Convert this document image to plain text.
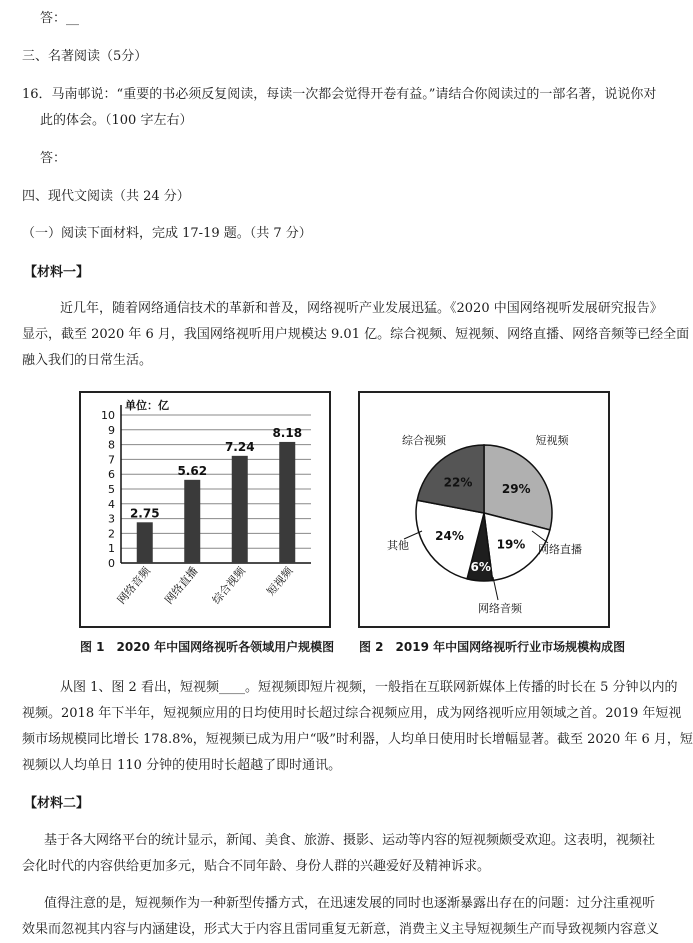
答：__
三、名著阅读（5分）
16．马南邨说：“重要的书必须反复阅读，每读一次都会觉得开卷有益。”请结合你阅读过的一部名著，说说你对
此的体会。（100 字左右）
答：
四、现代文阅读（共 24 分）
（一）阅读下面材料，完成 17-19 题。（共 7 分）
【材料一】
近几年，随着网络通信技术的革新和普及，网络视听产业发展迅猛。《2020 中国网络视听发展研究报告》
显示，截至 2020 年 6 月，我国网络视听用户规模达 9.01 亿。综合视频、短视频、网络直播、网络音频等已经全面
融入我们的日常生活。
0
1
2
3
4
5
6
7
8
9
10
单位：亿
2.75
网络音频
5.62
网络直播
7.24
综合视频
8.18
短视频
29%
短视频
19% 网络直播
6%
网络音频
24%
其他
22%
综合视频
图 1　2020 年中国网络视听各领域用户规模图 图 2　2019 年中国网络视听行业市场规模构成图
从图 1、图 2 看出，短视频____。短视频即短片视频，一般指在互联网新媒体上传播的时长在 5 分钟以内的
视频。2018 年下半年，短视频应用的日均使用时长超过综合视频应用，成为网络视听应用领域之首。2019 年短视
频市场规模同比增长 178.8%，短视频已成为用户“吸”时利器，人均单日使用时长增幅显著。截至 2020 年 6 月，短
视频以人均单日 110 分钟的使用时长超越了即时通讯。
【材料二】
基于各大网络平台的统计显示，新闻、美食、旅游、摄影、运动等内容的短视频颇受欢迎。这表明，视频社
会化时代的内容供给更加多元，贴合不同年龄、身份人群的兴趣爱好及精神诉求。
值得注意的是，短视频作为一种新型传播方式，在迅速发展的同时也逐渐暴露出存在的问题：过分注重视听
效果而忽视其内容与内涵建设，形式大于内容且雷同重复无新意，消费主义主导短视频生产而导致视频内容意义
